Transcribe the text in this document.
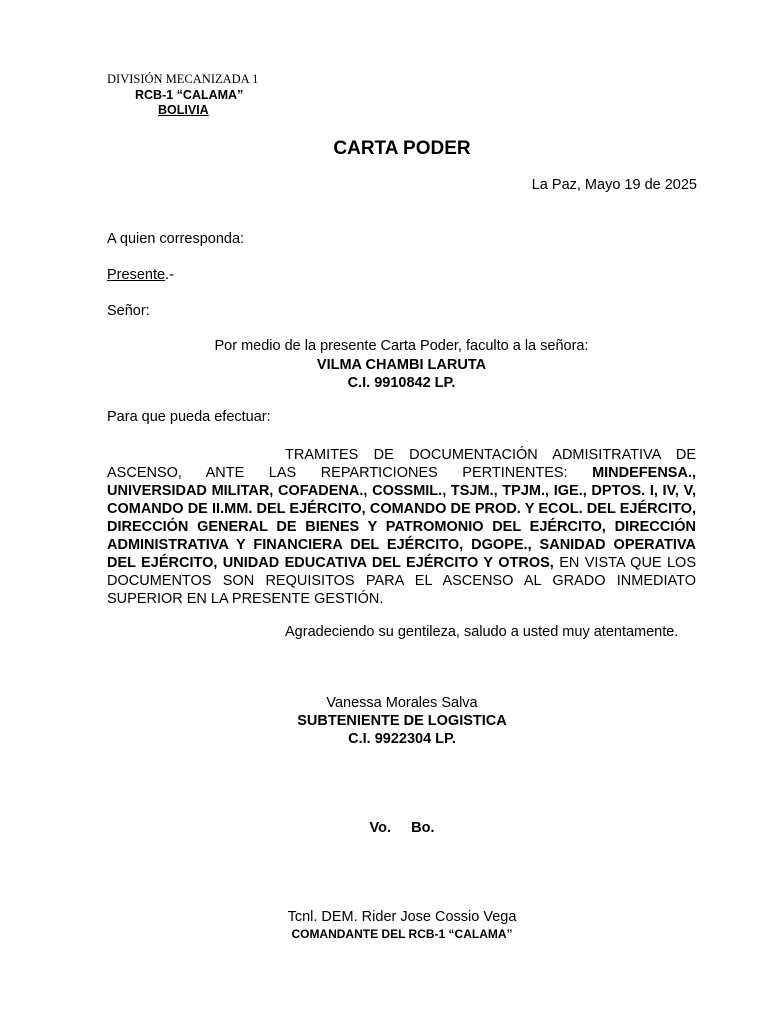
DIVISIÓN MECANIZADA 1
RCB-1 “CALAMA”
BOLIVIA
CARTA PODER
La Paz, Mayo 19 de 2025
A quien corresponda:
Presente.-
Señor:
Por medio de la presente Carta Poder, faculto a la señora:
VILMA CHAMBI LARUTA
C.I. 9910842 LP.
Para que pueda efectuar:
TRAMITES DE DOCUMENTACIÓN ADMISITRATIVA DE ASCENSO, ANTE LAS REPARTICIONES PERTINENTES: MINDEFENSA., UNIVERSIDAD MILITAR, COFADENA., COSSMIL., TSJM., TPJM., IGE., DPTOS. I, IV, V, COMANDO DE II.MM. DEL EJÉRCITO, COMANDO DE PROD. Y ECOL. DEL EJÉRCITO, DIRECCIÓN GENERAL DE BIENES Y PATROMONIO DEL EJÉRCITO, DIRECCIÓN ADMINISTRATIVA Y FINANCIERA DEL EJÉRCITO, DGOPE., SANIDAD OPERATIVA DEL EJÉRCITO, UNIDAD EDUCATIVA DEL EJÉRCITO Y OTROS, EN VISTA QUE LOS DOCUMENTOS SON REQUISITOS PARA EL ASCENSO AL GRADO INMEDIATO SUPERIOR EN LA PRESENTE GESTIÓN.
Agradeciendo su gentileza, saludo a usted muy atentamente.
Vanessa Morales Salva
SUBTENIENTE DE LOGISTICA
C.I. 9922304 LP.
Vo.     Bo.
Tcnl. DEM. Rider Jose Cossio Vega
COMANDANTE DEL RCB-1 “CALAMA”
